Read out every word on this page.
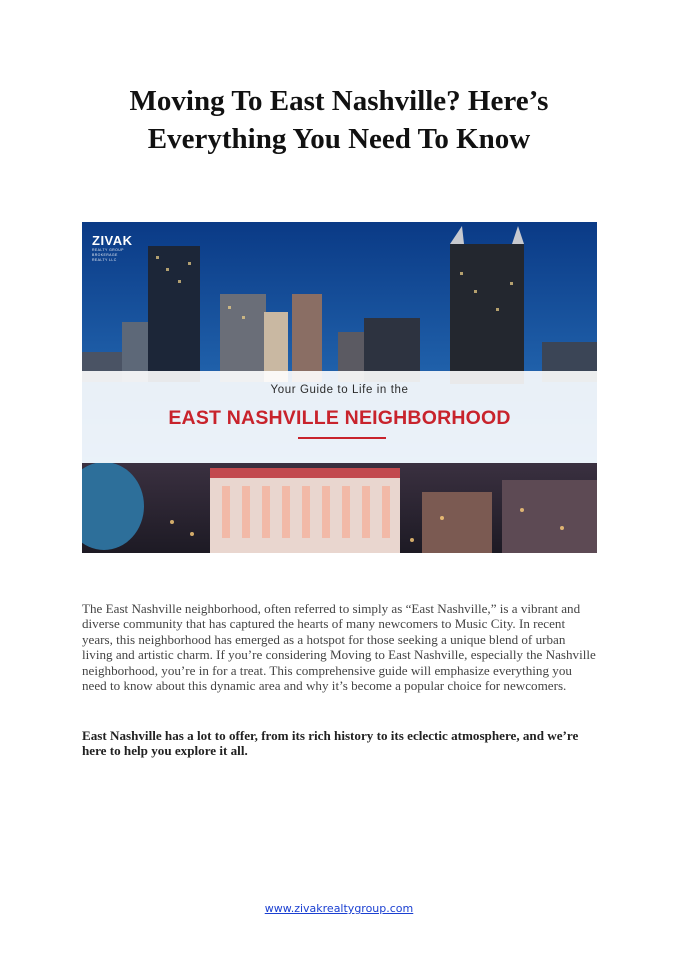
Moving To East Nashville? Here’s Everything You Need To Know
ZIVAK
REALTY GROUP
BROKERAGE REALTY LLC
Your Guide to Life in the
EAST NASHVILLE NEIGHBORHOOD

The East Nashville neighborhood, often referred to simply as “East Nashville,” is a vibrant and diverse community that has captured the hearts of many newcomers to Music City. In recent years, this neighborhood has emerged as a hotspot for those seeking a unique blend of urban living and artistic charm. If you’re considering Moving to East Nashville, especially the Nashville neighborhood, you’re in for a treat. This comprehensive guide will emphasize everything you need to know about this dynamic area and why it’s become a popular choice for newcomers.

East Nashville has a lot to offer, from its rich history to its eclectic atmosphere, and we’re here to help you explore it all.

www.zivakrealtygroup.com
